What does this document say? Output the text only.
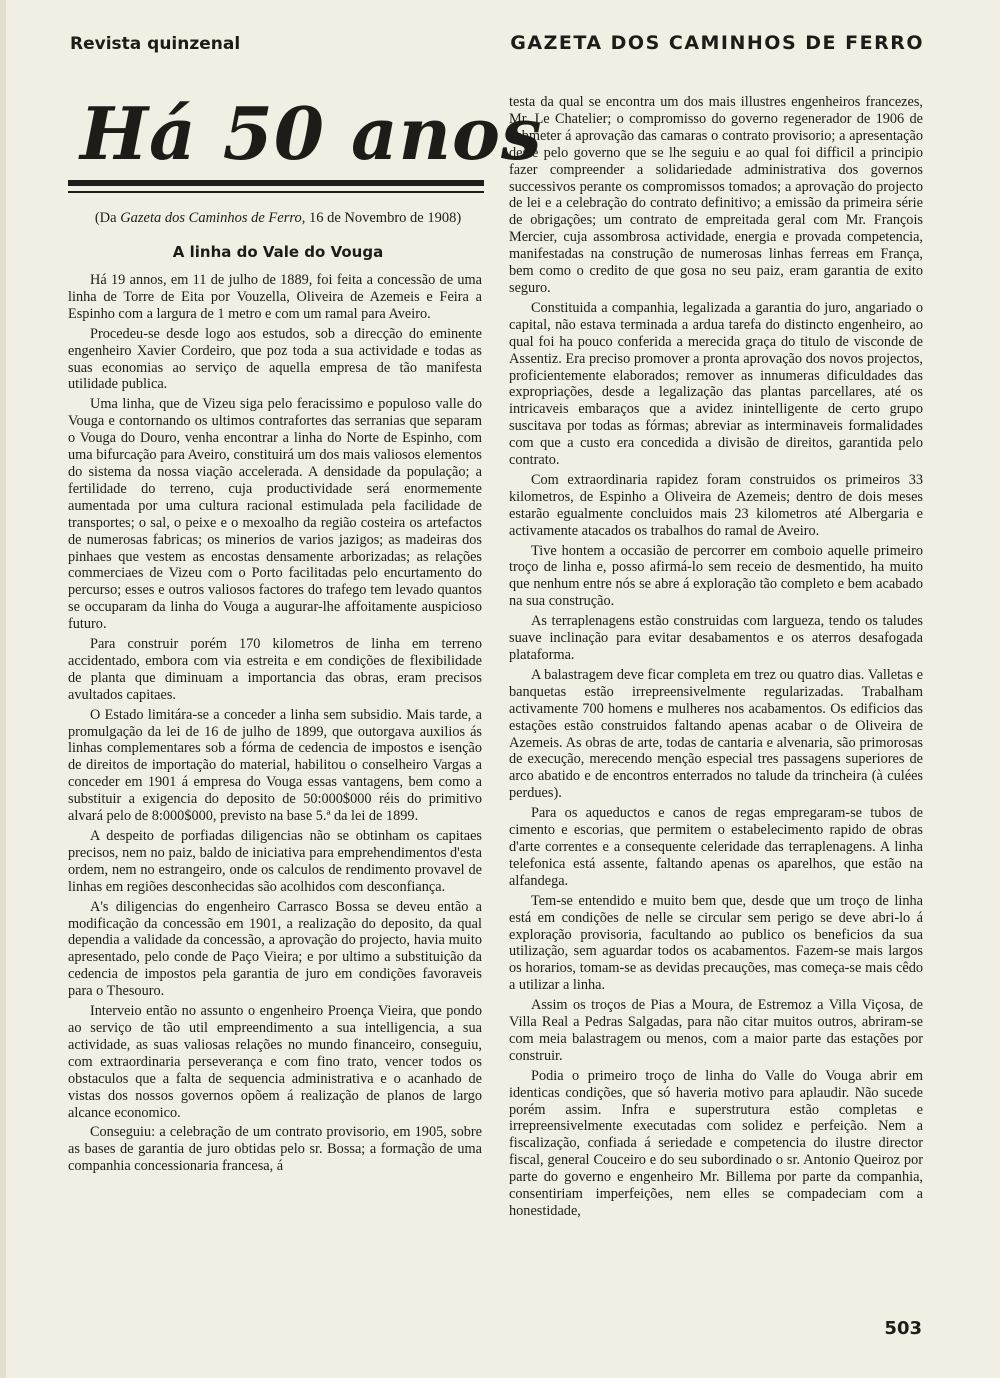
Revista quinzenal	GAZETA DOS CAMINHOS DE FERRO
Há 50 anos
(Da Gazeta dos Caminhos de Ferro, 16 de Novembro de 1908)
A linha do Vale do Vouga

Há 19 annos, em 11 de julho de 1889, foi feita a concessão de uma linha de Torre de Eita por Vouzella, Oliveira de Azemeis e Feira a Espinho com a largura de 1 metro e com um ramal para Aveiro.

Procedeu-se desde logo aos estudos, sob a direcção do eminente engenheiro Xavier Cordeiro, que poz toda a sua actividade e todas as suas economias ao serviço de aquella empresa de tão manifesta utilidade publica.

Uma linha, que de Vizeu siga pelo feracissimo e populoso valle do Vouga e contornando os ultimos contrafortes das serranias que separam o Vouga do Douro, venha encontrar a linha do Norte de Espinho, com uma bifurcação para Aveiro, constituirá um dos mais valiosos elementos do sistema da nossa viação accelerada. A densidade da população; a fertilidade do terreno, cuja productividade será enormemente aumentada por uma cultura racional estimulada pela facilidade de transportes; o sal, o peixe e o mexoalho da região costeira os artefactos de numerosas fabricas; os minerios de varios jazigos; as madeiras dos pinhaes que vestem as encostas densamente arborizadas; as relações commerciaes de Vizeu com o Porto facilitadas pelo encurtamento do percurso; esses e outros valiosos factores do trafego tem levado quantos se occuparam da linha do Vouga a augurar-lhe affoitamente auspicioso futuro.

Para construir porém 170 kilometros de linha em terreno accidentado, embora com via estreita e em condições de flexibilidade de planta que diminuam a importancia das obras, eram precisos avultados capitaes.

O Estado limitára-se a conceder a linha sem subsidio. Mais tarde, a promulgação da lei de 16 de julho de 1899, que outorgava auxilios ás linhas complementares sob a fórma de cedencia de impostos e isenção de direitos de importação do material, habilitou o conselheiro Vargas a conceder em 1901 á empresa do Vouga essas vantagens, bem como a substituir a exigencia do deposito de 50:000$000 réis do primitivo alvará pelo de 8:000$000, previsto na base 5.ª da lei de 1899.

A despeito de porfiadas diligencias não se obtinham os capitaes precisos, nem no paiz, baldo de iniciativa para emprehendimentos d'esta ordem, nem no estrangeiro, onde os calculos de rendimento provavel de linhas em regiões desconhecidas são acolhidos com desconfiança.

A's diligencias do engenheiro Carrasco Bossa se deveu então a modificação da concessão em 1901, a realização do deposito, da qual dependia a validade da concessão, a aprovação do projecto, havia muito apresentado, pelo conde de Paço Vieira; e por ultimo a substituição da cedencia de impostos pela garantia de juro em condições favoraveis para o Thesouro.

Interveio então no assunto o engenheiro Proença Vieira, que pondo ao serviço de tão util empreendimento a sua intelligencia, a sua actividade, as suas valiosas relações no mundo financeiro, conseguiu, com extraordinaria perseverança e com fino trato, vencer todos os obstaculos que a falta de sequencia administrativa e o acanhado de vistas dos nossos governos opõem á realização de planos de largo alcance economico.

Conseguiu: a celebração de um contrato provisorio, em 1905, sobre as bases de garantia de juro obtidas pelo sr. Bossa; a formação de uma companhia concessionaria francesa, á

testa da qual se encontra um dos mais illustres engenheiros francezes, Mr. Le Chatelier; o compromisso do governo regenerador de 1906 de submeter á aprovação das camaras o contrato provisorio; a apresentação deste pelo governo que se lhe seguiu e ao qual foi difficil a principio fazer compreender a solidariedade administrativa dos governos successivos perante os compromissos tomados; a aprovação do projecto de lei e a celebração do contrato definitivo; a emissão da primeira série de obrigações; um contrato de empreitada geral com Mr. François Mercier, cuja assombrosa actividade, energia e provada competencia, manifestadas na construção de numerosas linhas ferreas em França, bem como o credito de que gosa no seu paiz, eram garantia de exito seguro.

Constituida a companhia, legalizada a garantia do juro, angariado o capital, não estava terminada a ardua tarefa do distincto engenheiro, ao qual foi ha pouco conferida a merecida graça do titulo de visconde de Assentiz. Era preciso promover a pronta aprovação dos novos projectos, proficientemente elaborados; remover as innumeras dificuldades das expropriações, desde a legalização das plantas parcellares, até os intricaveis embaraços que a avidez inintelligente de certo grupo suscitava por todas as fórmas; abreviar as interminaveis formalidades com que a custo era concedida a divisão de direitos, garantida pelo contrato.

Com extraordinaria rapidez foram construidos os primeiros 33 kilometros, de Espinho a Oliveira de Azemeis; dentro de dois meses estarão egualmente concluidos mais 23 kilometros até Albergaria e activamente atacados os trabalhos do ramal de Aveiro.

Tive hontem a occasião de percorrer em comboio aquelle primeiro troço de linha e, posso afirmá-lo sem receio de desmentido, ha muito que nenhum entre nós se abre á exploração tão completo e bem acabado na sua construção.

As terraplenagens estão construidas com largueza, tendo os taludes suave inclinação para evitar desabamentos e os aterros desafogada plataforma.

A balastragem deve ficar completa em trez ou quatro dias. Valletas e banquetas estão irrepreensivelmente regularizadas. Trabalham activamente 700 homens e mulheres nos acabamentos. Os edificios das estações estão construidos faltando apenas acabar o de Oliveira de Azemeis. As obras de arte, todas de cantaria e alvenaria, são primorosas de execução, merecendo menção especial tres passagens superiores de arco abatido e de encontros enterrados no talude da trincheira (à culées perdues).

Para os aqueductos e canos de regas empregaram-se tubos de cimento e escorias, que permitem o estabelecimento rapido de obras d'arte correntes e a consequente celeridade das terraplenagens. A linha telefonica está assente, faltando apenas os aparelhos, que estão na alfandega.

Tem-se entendido e muito bem que, desde que um troço de linha está em condições de nelle se circular sem perigo se deve abri-lo á exploração provisoria, facultando ao publico os beneficios da sua utilização, sem aguardar todos os acabamentos. Fazem-se mais largos os horarios, tomam-se as devidas precauções, mas começa-se mais cêdo a utilizar a linha.

Assim os troços de Pias a Moura, de Estremoz a Villa Viçosa, de Villa Real a Pedras Salgadas, para não citar muitos outros, abriram-se com meia balastragem ou menos, com a maior parte das estações por construir.

Podia o primeiro troço de linha do Valle do Vouga abrir em identicas condições, que só haveria motivo para aplaudir. Não sucede porém assim. Infra e superstrutura estão completas e irrepreensivelmente executadas com solidez e perfeição. Nem a fiscalização, confiada á seriedade e competencia do ilustre director fiscal, general Couceiro e do seu subordinado o sr. Antonio Queiroz por parte do governo e engenheiro Mr. Billema por parte da companhia, consentiriam imperfeições, nem elles se compadeciam com a honestidade,

503
